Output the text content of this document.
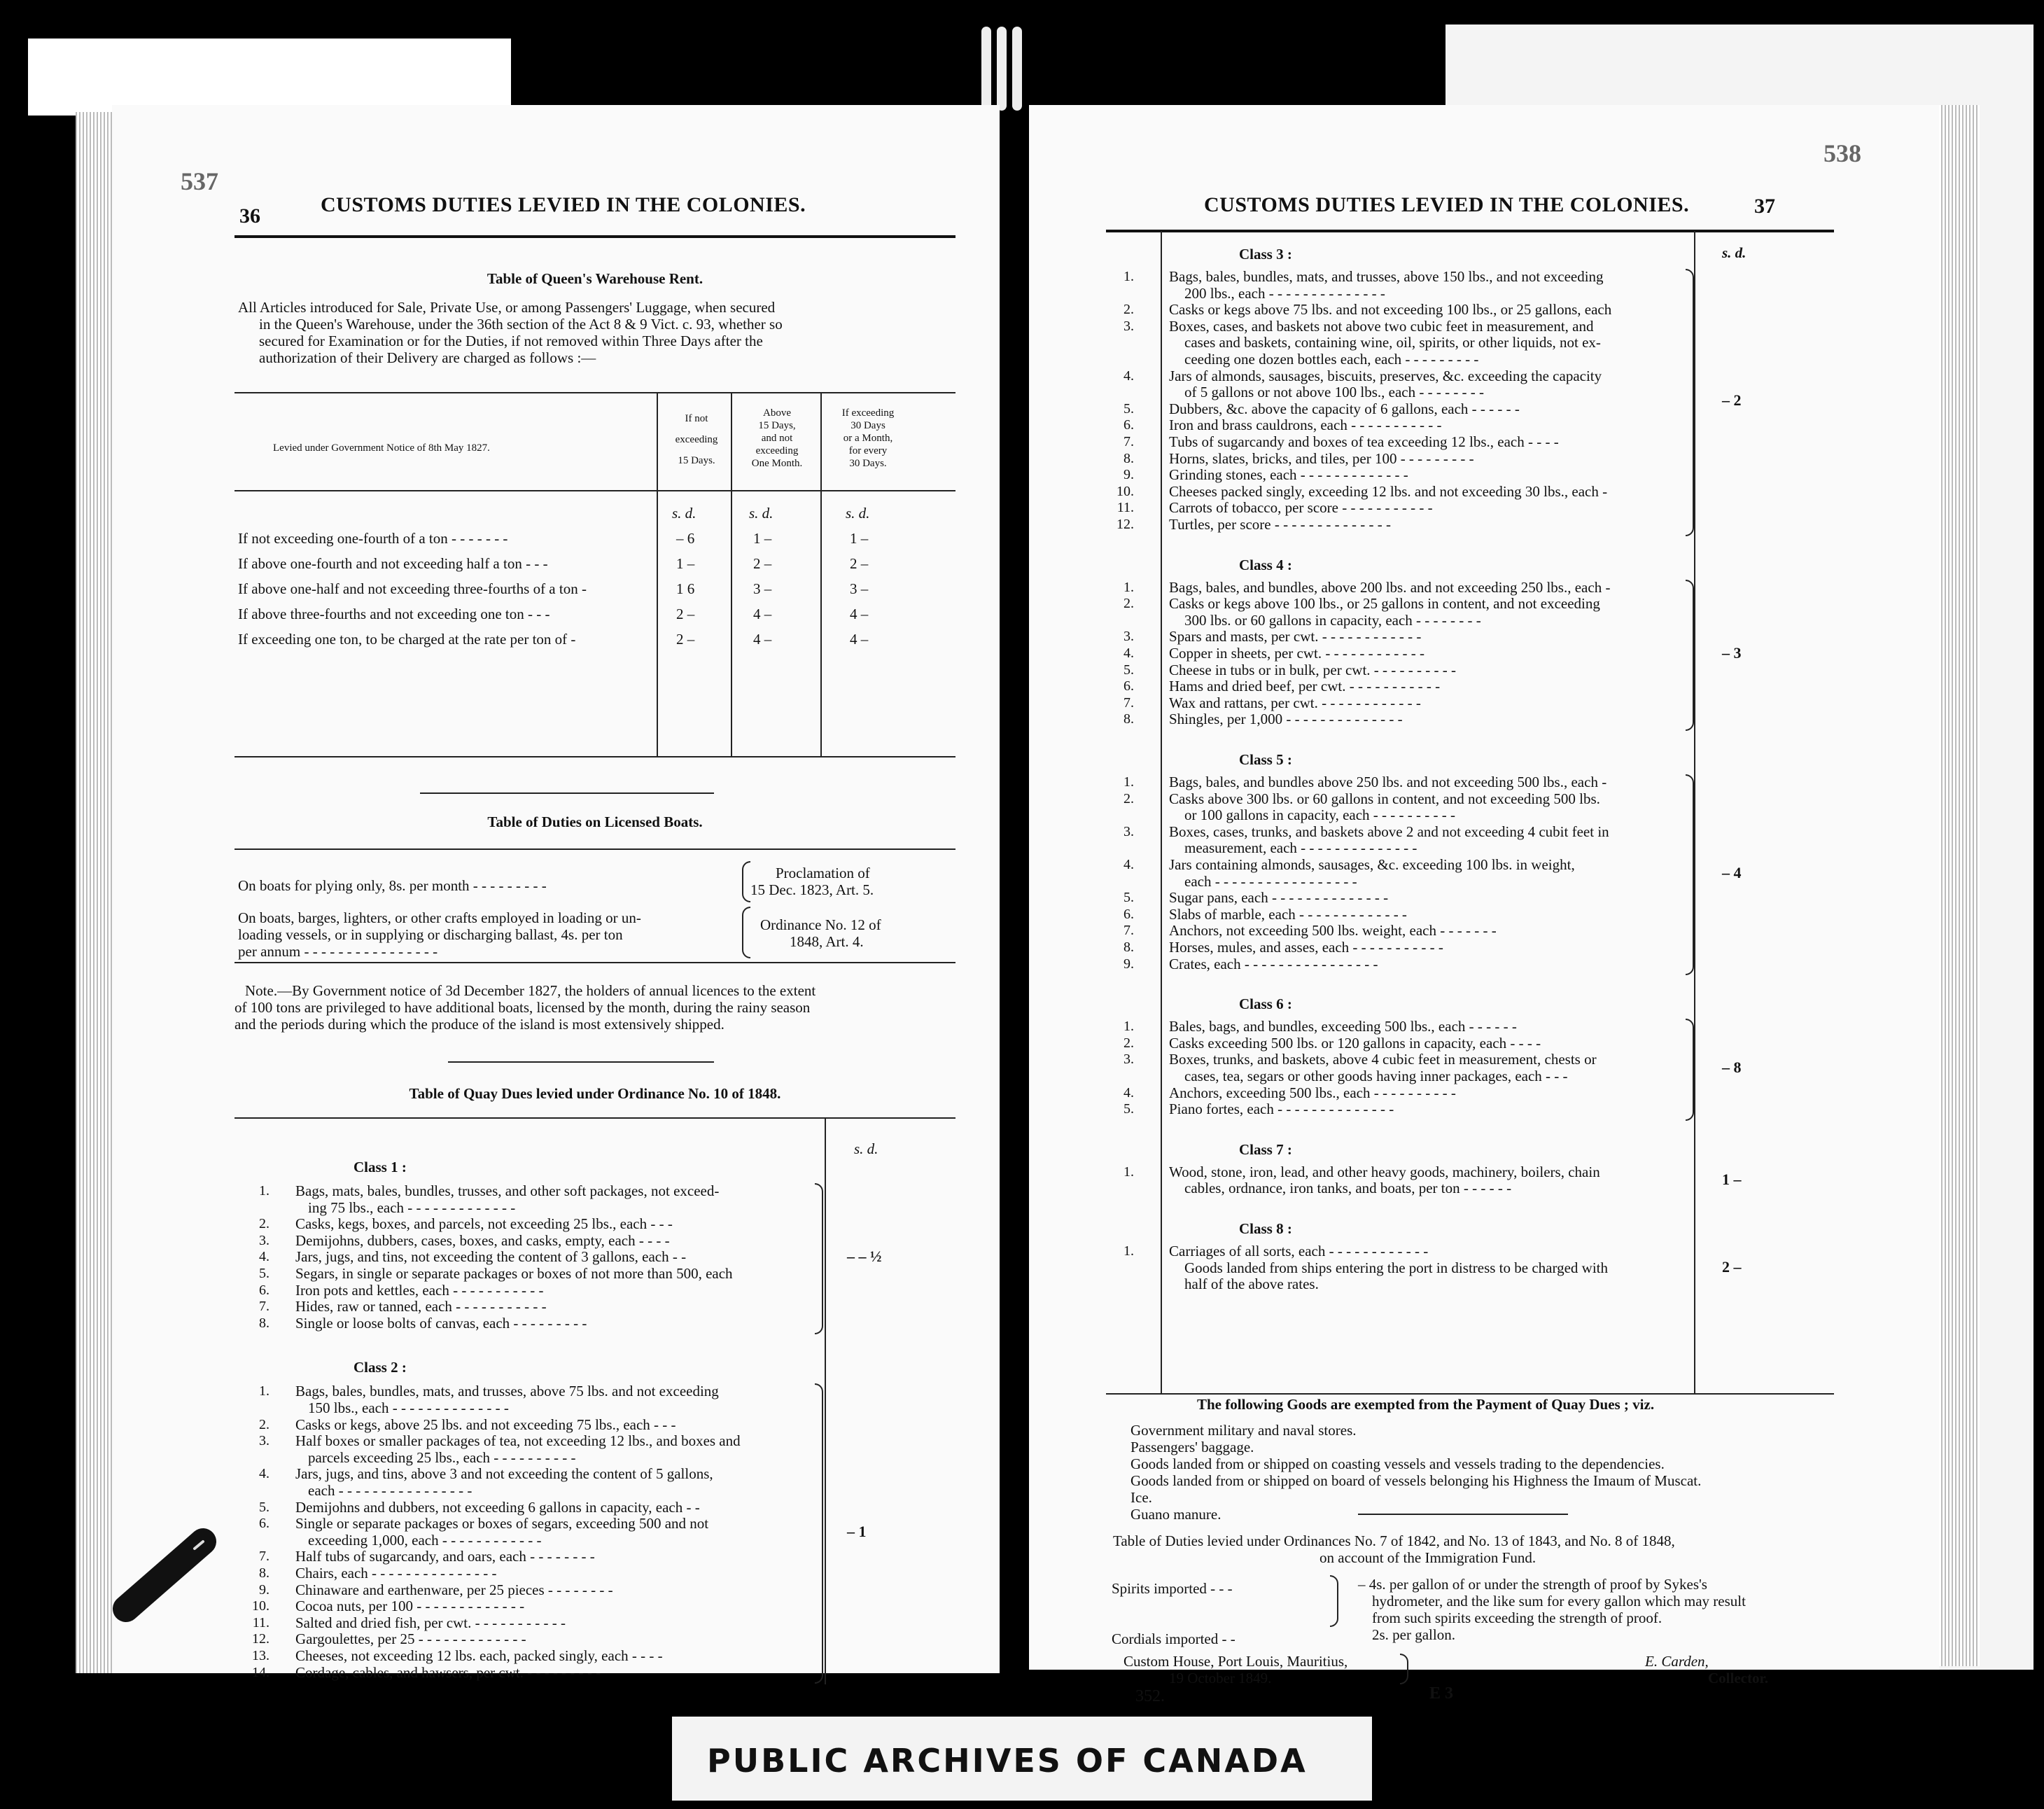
537
36	CUSTOMS DUTIES LEVIED IN THE COLONIES.
Table of Queen's Warehouse Rent.
All Articles introduced for Sale, Private Use, or among Passengers' Luggage, when secured
in the Queen's Warehouse, under the 36th section of the Act 8 & 9 Vict. c. 93, whether so
secured for Examination or for the Duties, if not removed within Three Days after the
authorization of their Delivery are charged as follows :—
Levied under Government Notice of 8th May 1827.
If not
exceeding
15 Days.
Above
15 Days,
and not
exceeding
One Month.
If exceeding
30 Days
or a Month,
for every
30 Days.
s. d.	s. d.	s. d.
If not exceeding one-fourth of a ton - - - - - - -	– 6	1 –	1 –
If above one-fourth and not exceeding half a ton - - -	1 –	2 –	2 –
If above one-half and not exceeding three-fourths of a ton -	1 6	3 –	3 –
If above three-fourths and not exceeding one ton - - -	2 –	4 –	4 –
If exceeding one ton, to be charged at the rate per ton of -	2 –	4 –	4 –
Table of Duties on Licensed Boats.
On boats for plying only, 8s. per month - - - - - - - - -
Proclamation of
15 Dec. 1823, Art. 5.
On boats, barges, lighters, or other crafts employed in loading or un-
loading vessels, or in supplying or discharging ballast, 4s. per ton
per annum - - - - - - - - - - - - - - - -
Ordinance No. 12 of
1848, Art. 4.
Note.—By Government notice of 3d December 1827, the holders of annual licences to the extent
of 100 tons are privileged to have additional boats, licensed by the month, during the rainy season
and the periods during which the produce of the island is most extensively shipped.
Table of Quay Dues levied under Ordinance No. 10 of 1848.
s. d.
Class 1 :
1. Bags, mats, bales, bundles, trusses, and other soft packages, not exceed-
ing 75 lbs., each - - - - - - - - - - - - -
2. Casks, kegs, boxes, and parcels, not exceeding 25 lbs., each - - -
3. Demijohns, dubbers, cases, boxes, and casks, empty, each - - - -
4. Jars, jugs, and tins, not exceeding the content of 3 gallons, each - -
5. Segars, in single or separate packages or boxes of not more than 500, each
6. Iron pots and kettles, each - - - - - - - - - - -
7. Hides, raw or tanned, each - - - - - - - - - - -
8. Single or loose bolts of canvas, each - - - - - - - - -
– – ½
Class 2 :
1. Bags, bales, bundles, mats, and trusses, above 75 lbs. and not exceeding
150 lbs., each - - - - - - - - - - - - - -
2. Casks or kegs, above 25 lbs. and not exceeding 75 lbs., each - - -
3. Half boxes or smaller packages of tea, not exceeding 12 lbs., and boxes and
parcels exceeding 25 lbs., each - - - - - - - - - -
4. Jars, jugs, and tins, above 3 and not exceeding the content of 5 gallons,
each - - - - - - - - - - - - - - - -
5. Demijohns and dubbers, not exceeding 6 gallons in capacity, each - -
6. Single or separate packages or boxes of segars, exceeding 500 and not
exceeding 1,000, each - - - - - - - - - - - -
7. Half tubs of sugarcandy, and oars, each - - - - - - - -
8. Chairs, each - - - - - - - - - - - - - - -
9. Chinaware and earthenware, per 25 pieces - - - - - - - -
10. Cocoa nuts, per 100 - - - - - - - - - - - - -
11. Salted and dried fish, per cwt. - - - - - - - - - - -
12. Gargoulettes, per 25 - - - - - - - - - - - - -
13. Cheeses, not exceeding 12 lbs. each, packed singly, each - - - -
14. Cordage, cables, and hawsers, per cwt. - - - - - - - - -
– 1
538
CUSTOMS DUTIES LEVIED IN THE COLONIES.	37
s. d.
Class 3 :
1. Bags, bales, bundles, mats, and trusses, above 150 lbs., and not exceeding
200 lbs., each - - - - - - - - - - - - - -
2. Casks or kegs above 75 lbs. and not exceeding 100 lbs., or 25 gallons, each
3. Boxes, cases, and baskets not above two cubic feet in measurement, and
cases and baskets, containing wine, oil, spirits, or other liquids, not ex-
ceeding one dozen bottles each, each - - - - - - - - -
4. Jars of almonds, sausages, biscuits, preserves, &c. exceeding the capacity
of 5 gallons or not above 100 lbs., each - - - - - - - -
5. Dubbers, &c. above the capacity of 6 gallons, each - - - - - -
6. Iron and brass cauldrons, each - - - - - - - - - - -
7. Tubs of sugarcandy and boxes of tea exceeding 12 lbs., each - - - -
8. Horns, slates, bricks, and tiles, per 100 - - - - - - - - -
9. Grinding stones, each - - - - - - - - - - - - -
10. Cheeses packed singly, exceeding 12 lbs. and not exceeding 30 lbs., each -
11. Carrots of tobacco, per score - - - - - - - - - - -
12. Turtles, per score - - - - - - - - - - - - - -
– 2
Class 4 :
1. Bags, bales, and bundles, above 200 lbs. and not exceeding 250 lbs., each -
2. Casks or kegs above 100 lbs., or 25 gallons in content, and not exceeding
300 lbs. or 60 gallons in capacity, each - - - - - - - -
3. Spars and masts, per cwt. - - - - - - - - - - - -
4. Copper in sheets, per cwt. - - - - - - - - - - - -
5. Cheese in tubs or in bulk, per cwt. - - - - - - - - - -
6. Hams and dried beef, per cwt. - - - - - - - - - - -
7. Wax and rattans, per cwt. - - - - - - - - - - - -
8. Shingles, per 1,000 - - - - - - - - - - - - - -
– 3
Class 5 :
1. Bags, bales, and bundles above 250 lbs. and not exceeding 500 lbs., each -
2. Casks above 300 lbs. or 60 gallons in content, and not exceeding 500 lbs.
or 100 gallons in capacity, each - - - - - - - - - -
3. Boxes, cases, trunks, and baskets above 2 and not exceeding 4 cubit feet in
measurement, each - - - - - - - - - - - - - -
4. Jars containing almonds, sausages, &c. exceeding 100 lbs. in weight,
each - - - - - - - - - - - - - - - - -
5. Sugar pans, each - - - - - - - - - - - - - -
6. Slabs of marble, each - - - - - - - - - - - - -
7. Anchors, not exceeding 500 lbs. weight, each - - - - - - -
8. Horses, mules, and asses, each - - - - - - - - - - -
9. Crates, each - - - - - - - - - - - - - - - -
– 4
Class 6 :
1. Bales, bags, and bundles, exceeding 500 lbs., each - - - - - -
2. Casks exceeding 500 lbs. or 120 gallons in capacity, each - - - -
3. Boxes, trunks, and baskets, above 4 cubic feet in measurement, chests or
cases, tea, segars or other goods having inner packages, each - - -
4. Anchors, exceeding 500 lbs., each - - - - - - - - - -
5. Piano fortes, each - - - - - - - - - - - - - -
– 8
Class 7 :
1. Wood, stone, iron, lead, and other heavy goods, machinery, boilers, chain
cables, ordnance, iron tanks, and boats, per ton - - - - - -	1 –
Class 8 :
1. Carriages of all sorts, each - - - - - - - - - - - -
Goods landed from ships entering the port in distress to be charged with
half of the above rates.
2 –
The following Goods are exempted from the Payment of Quay Dues ; viz.
Government military and naval stores.
Passengers' baggage.
Goods landed from or shipped on coasting vessels and vessels trading to the dependencies.
Goods landed from or shipped on board of vessels belonging his Highness the Imaum of Muscat.
Ice.
Guano manure.
Table of Duties levied under Ordinances No. 7 of 1842, and No. 13 of 1843, and No. 8 of 1848,
on account of the Immigration Fund.
Spirits imported - - -	– 4s. per gallon of or under the strength of proof by Sykes's
hydrometer, and the like sum for every gallon which may result
from such spirits exceeding the strength of proof.
Cordials imported - -	2s. per gallon.
Custom House, Port Louis, Mauritius,
19 October 1849.
E. Carden,
Collector.
352.	E 3
PUBLIC ARCHIVES OF CANADA
